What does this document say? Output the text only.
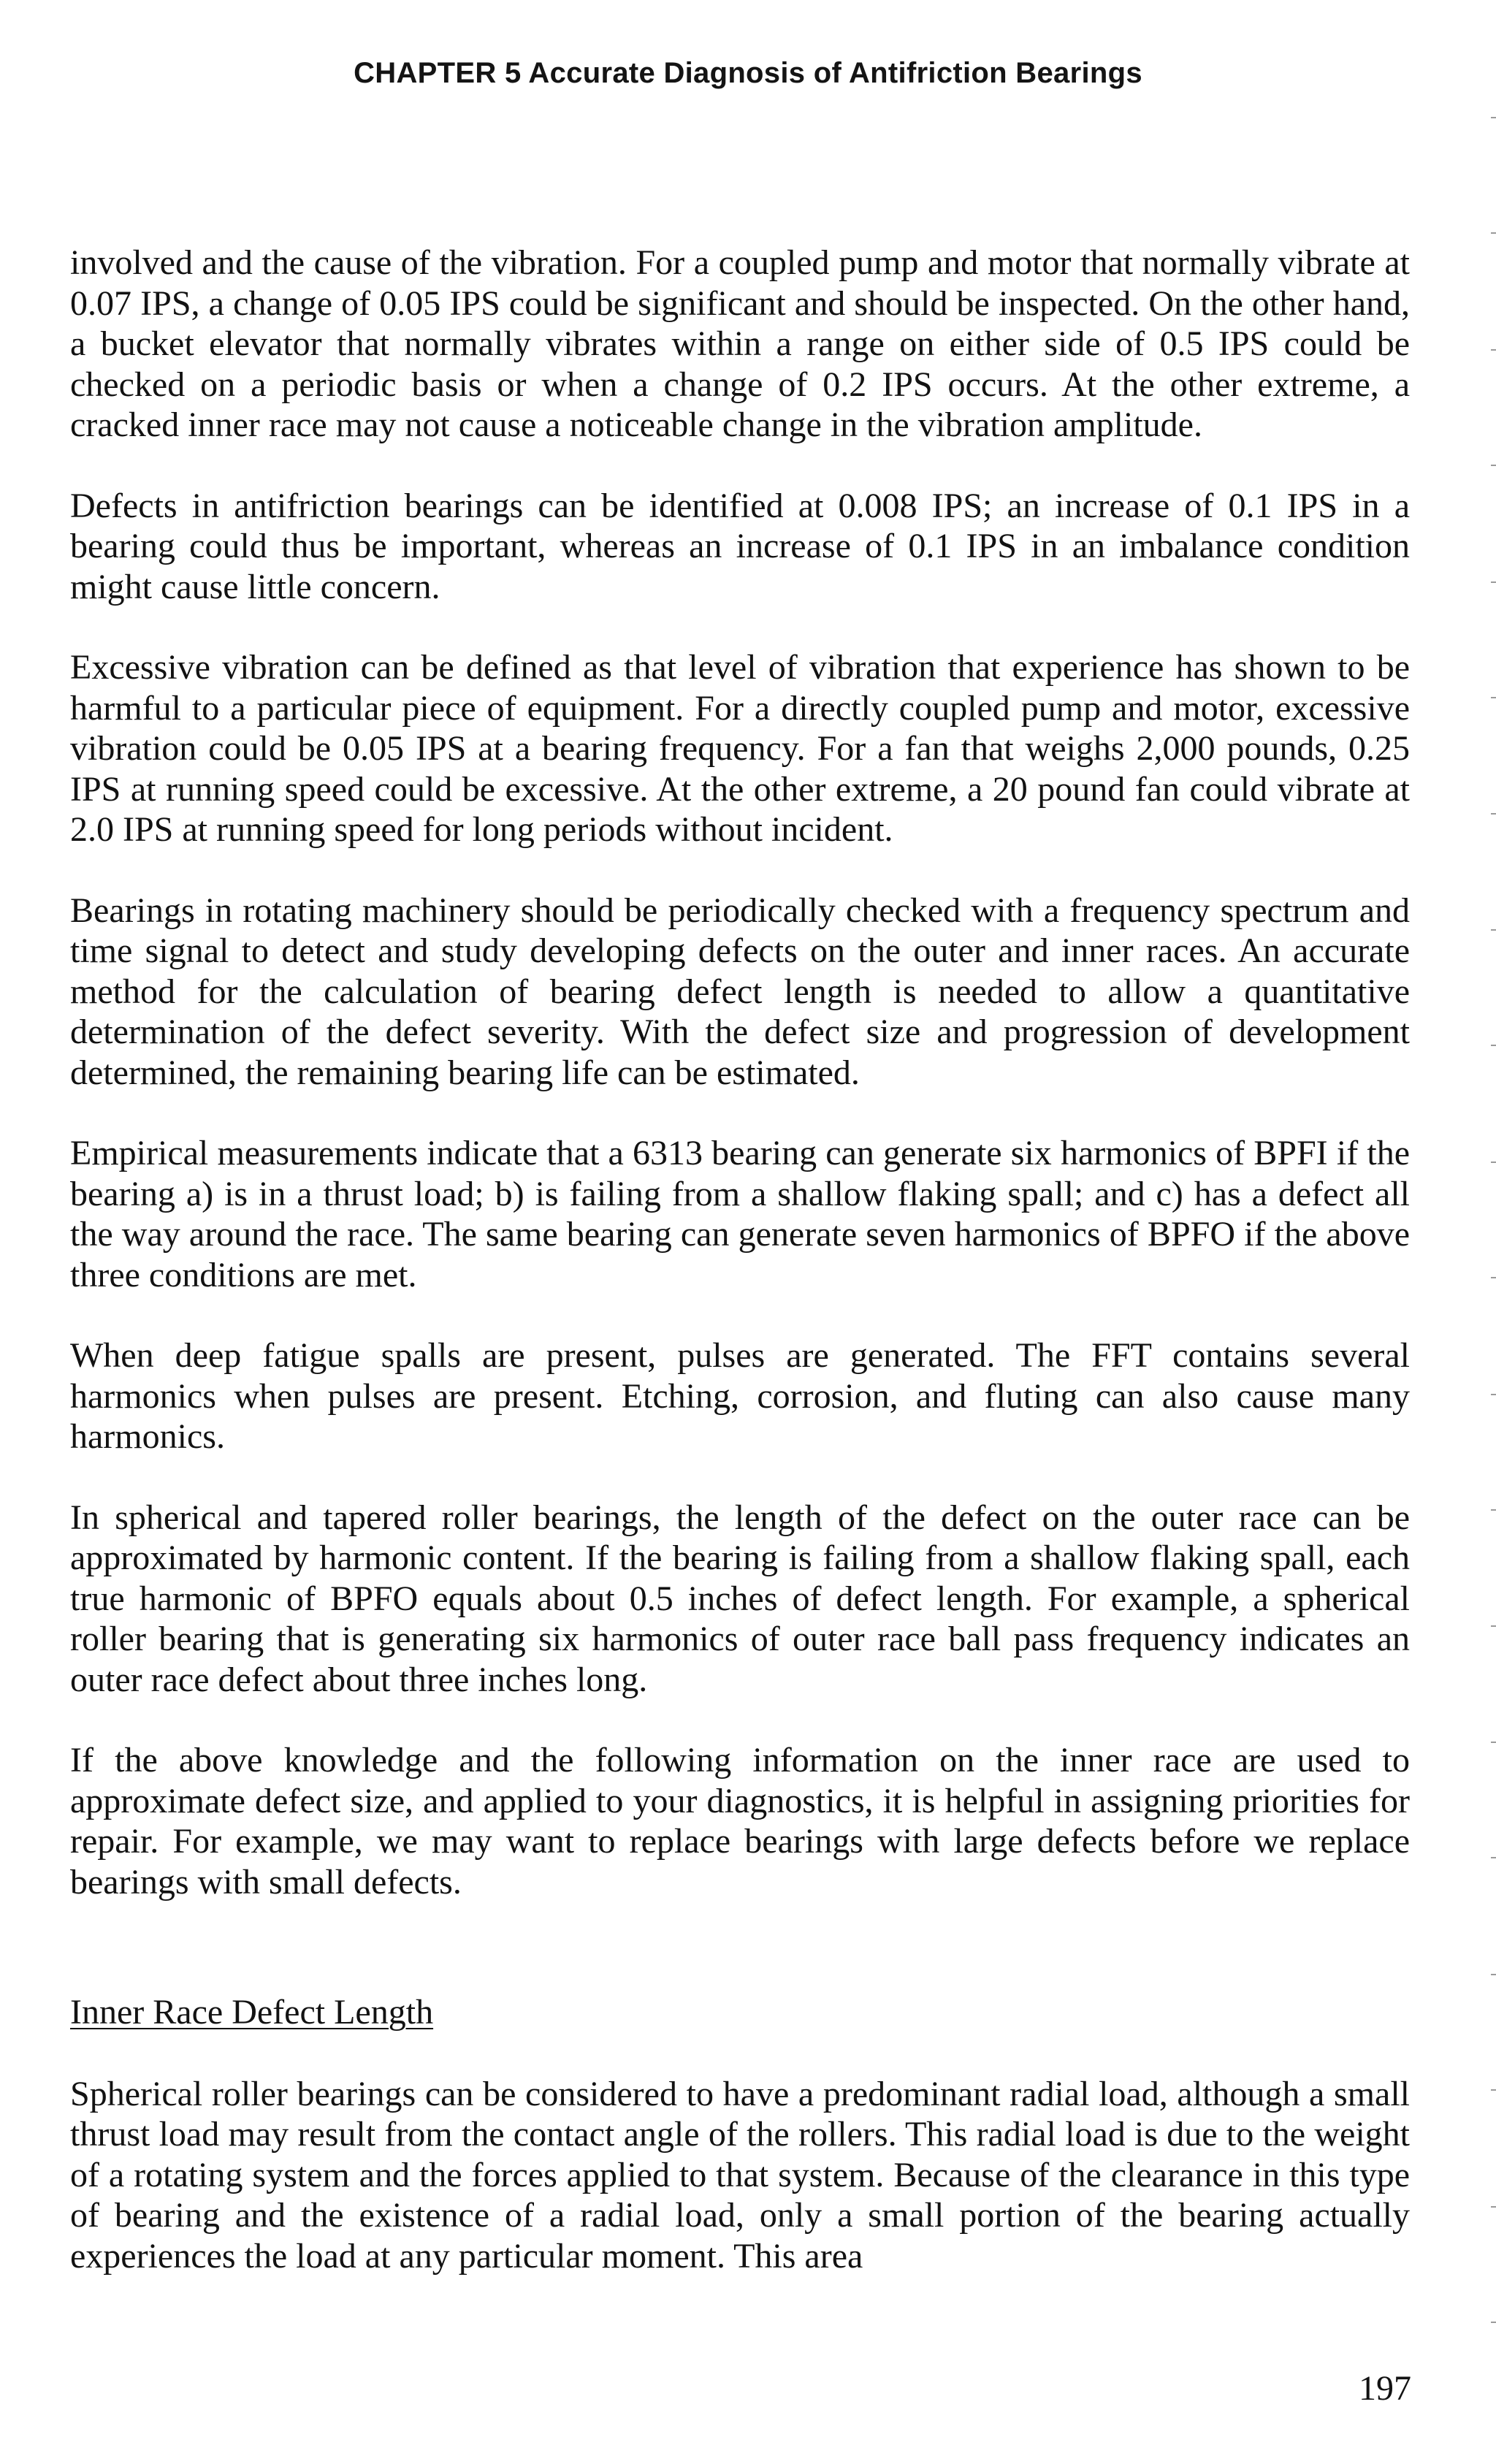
CHAPTER 5 Accurate Diagnosis of Antifriction Bearings

involved and the cause of the vibration. For a coupled pump and motor that normally vibrate at 0.07 IPS, a change of 0.05 IPS could be significant and should be inspected. On the other hand, a bucket elevator that normally vibrates within a range on either side of 0.5 IPS could be checked on a periodic basis or when a change of 0.2 IPS occurs. At the other extreme, a cracked inner race may not cause a noticeable change in the vibration amplitude.

Defects in antifriction bearings can be identified at 0.008 IPS; an increase of 0.1 IPS in a bearing could thus be important, whereas an increase of 0.1 IPS in an imbalance condition might cause little concern.

Excessive vibration can be defined as that level of vibration that experience has shown to be harmful to a particular piece of equipment. For a directly coupled pump and motor, excessive vibration could be 0.05 IPS at a bearing frequency. For a fan that weighs 2,000 pounds, 0.25 IPS at running speed could be excessive. At the other extreme, a 20 pound fan could vibrate at 2.0 IPS at running speed for long periods without incident.

Bearings in rotating machinery should be periodically checked with a frequency spectrum and time signal to detect and study developing defects on the outer and inner races. An accurate method for the calculation of bearing defect length is needed to allow a quantitative determination of the defect severity. With the defect size and progression of development determined, the remaining bearing life can be estimated.

Empirical measurements indicate that a 6313 bearing can generate six harmonics of BPFI if the bearing a) is in a thrust load; b) is failing from a shallow flaking spall; and c) has a defect all the way around the race. The same bearing can generate seven harmonics of BPFO if the above three conditions are met.

When deep fatigue spalls are present, pulses are generated. The FFT contains several harmonics when pulses are present. Etching, corrosion, and fluting can also cause many harmonics.

In spherical and tapered roller bearings, the length of the defect on the outer race can be approximated by harmonic content. If the bearing is failing from a shallow flaking spall, each true harmonic of BPFO equals about 0.5 inches of defect length. For example, a spherical roller bearing that is generating six harmonics of outer race ball pass frequency indicates an outer race defect about three inches long.

If the above knowledge and the following information on the inner race are used to approximate defect size, and applied to your diagnostics, it is helpful in assigning priorities for repair. For example, we may want to replace bearings with large defects before we replace bearings with small defects.

Inner Race Defect Length

Spherical roller bearings can be considered to have a predominant radial load, although a small thrust load may result from the contact angle of the rollers. This radial load is due to the weight of a rotating system and the forces applied to that system. Because of the clearance in this type of bearing and the existence of a radial load, only a small portion of the bearing actually experiences the load at any particular moment. This area

197
